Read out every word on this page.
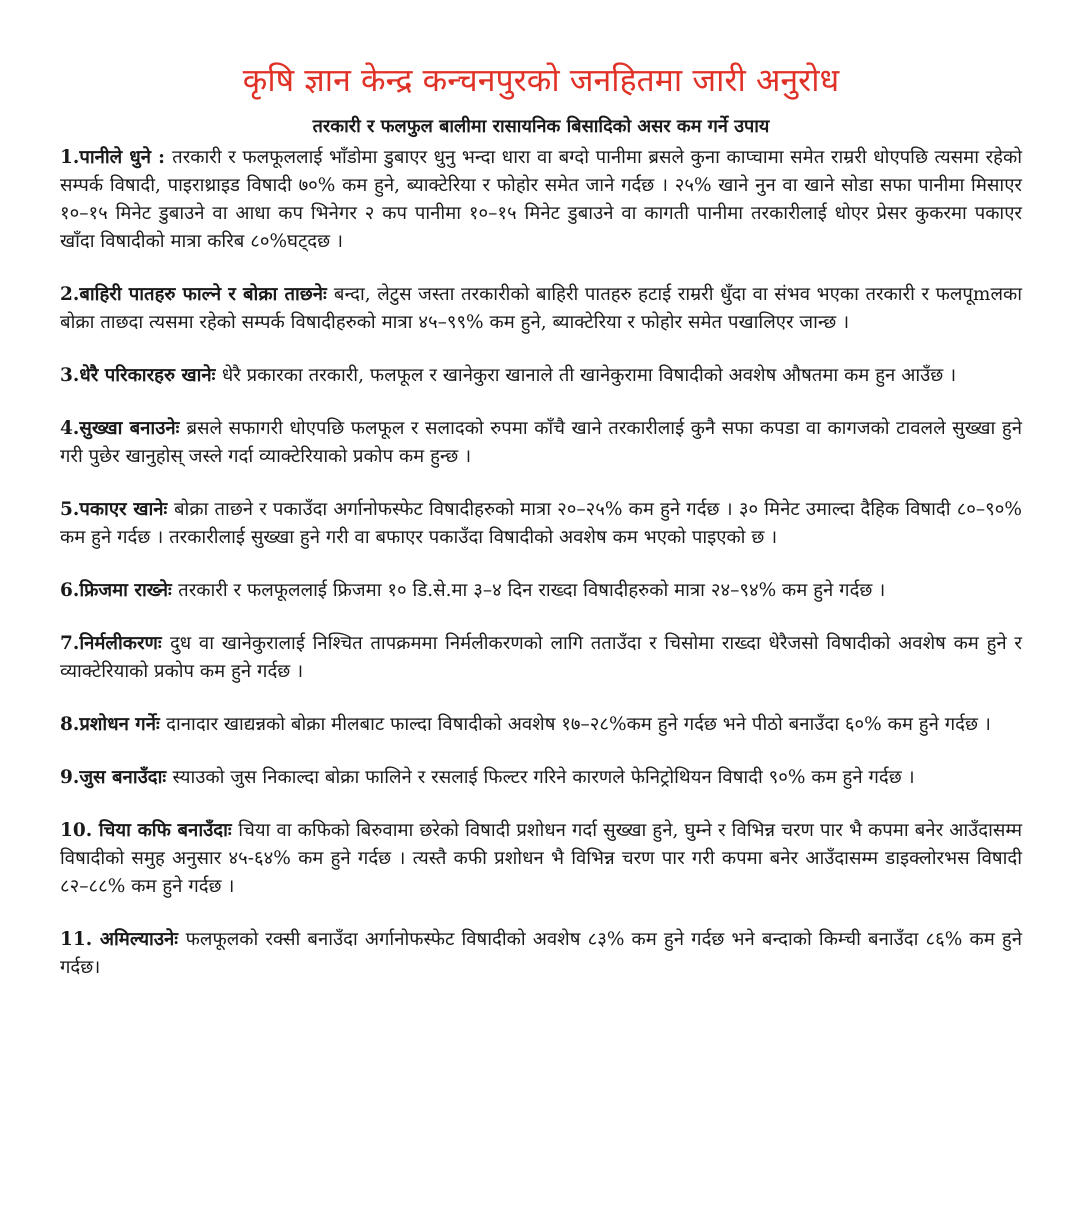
कृषि ज्ञान केन्द्र कन्चनपुरको जनहितमा जारी अनुरोध
तरकारी र फलफुल बालीमा रासायनिक बिसादिको असर कम गर्ने उपाय

1.पानीले धुने : तरकारी र फलफूललाई भाँडोमा डुबाएर धुनु भन्दा धारा वा बग्दो पानीमा ब्रसले कुना काप्चामा समेत राम्ररी धोएपछि त्यसमा रहेको सम्पर्क विषादी, पाइराथ्राइड विषादी ७०% कम हुने, ब्याक्टेरिया र फोहोर समेत जाने गर्दछ । २५% खाने नुन वा खाने सोडा सफा पानीमा मिसाएर १०–१५ मिनेट डुबाउने वा आधा कप भिनेगर २ कप पानीमा १०–१५ मिनेट डुबाउने वा कागती पानीमा तरकारीलाई धोएर प्रेसर कुकरमा पकाएर खाँदा विषादीको मात्रा करिब ८०%घट्दछ ।

2.बाहिरी पातहरु फाल्ने र बोक्रा ताछनेः बन्दा, लेटुस जस्ता तरकारीको बाहिरी पातहरु हटाई राम्ररी धुँदा वा संभव भएका तरकारी र फलपूmलका बोक्रा ताछदा त्यसमा रहेको सम्पर्क विषादीहरुको मात्रा ४५–९९% कम हुने, ब्याक्टेरिया र फोहोर समेत पखालिएर जान्छ ।

3.धेरै परिकारहरु खानेः धेरै प्रकारका तरकारी, फलफूल र खानेकुरा खानाले ती खानेकुरामा विषादीको अवशेष औषतमा कम हुन आउँछ ।

4.सुख्खा बनाउनेः ब्रसले सफागरी धोएपछि फलफूल र सलादको रुपमा काँचै खाने तरकारीलाई कुनै सफा कपडा वा कागजको टावलले सुख्खा हुने गरी पुछेर खानुहोस् जस्ले गर्दा व्याक्टेरियाको प्रकोप कम हुन्छ ।

5.पकाएर खानेः बोक्रा ताछने र पकाउँदा अर्गानोफस्फेट विषादीहरुको मात्रा २०–२५% कम हुने गर्दछ । ३० मिनेट उमाल्दा दैहिक विषादी ८०–९०% कम हुने गर्दछ । तरकारीलाई सुख्खा हुने गरी वा बफाएर पकाउँदा विषादीको अवशेष कम भएको पाइएको छ ।

6.फ्रिजमा राख्नेः तरकारी र फलफूललाई फ्रिजमा १० डि.से.मा ३–४ दिन राख्दा विषादीहरुको मात्रा २४–९४% कम हुने गर्दछ ।

7.निर्मलीकरणः दुध वा खानेकुरालाई निश्चित तापक्रममा निर्मलीकरणको लागि तताउँदा र चिसोमा राख्दा धेरैजसो विषादीको अवशेष कम हुने र व्याक्टेरियाको प्रकोप कम हुने गर्दछ ।

8.प्रशोधन गर्नेः दानादार खाद्यन्नको बोक्रा मीलबाट फाल्दा विषादीको अवशेष १७–२८%कम हुने गर्दछ भने पीठो बनाउँदा ६०% कम हुने गर्दछ ।

9.जुस बनाउँदाः स्याउको जुस निकाल्दा बोक्रा फालिने र रसलाई फिल्टर गरिने कारणले फेनिट्रोथियन विषादी ९०% कम हुने गर्दछ ।

10. चिया कफि बनाउँदाः चिया वा कफिको बिरुवामा छरेको विषादी प्रशोधन गर्दा सुख्खा हुने, घुम्ने र विभिन्न चरण पार भै कपमा बनेर आउँदासम्म विषादीको समुह अनुसार ४५-६४% कम हुने गर्दछ । त्यस्तै कफी प्रशोधन भै विभिन्न चरण पार गरी कपमा बनेर आउँदासम्म डाइक्लोरभस विषादी ८२–८८% कम हुने गर्दछ ।

11. अमिल्याउनेः फलफूलको रक्सी बनाउँदा अर्गानोफस्फेट विषादीको अवशेष ८३% कम हुने गर्दछ भने बन्दाको किम्ची बनाउँदा ८६% कम हुने गर्दछ।
